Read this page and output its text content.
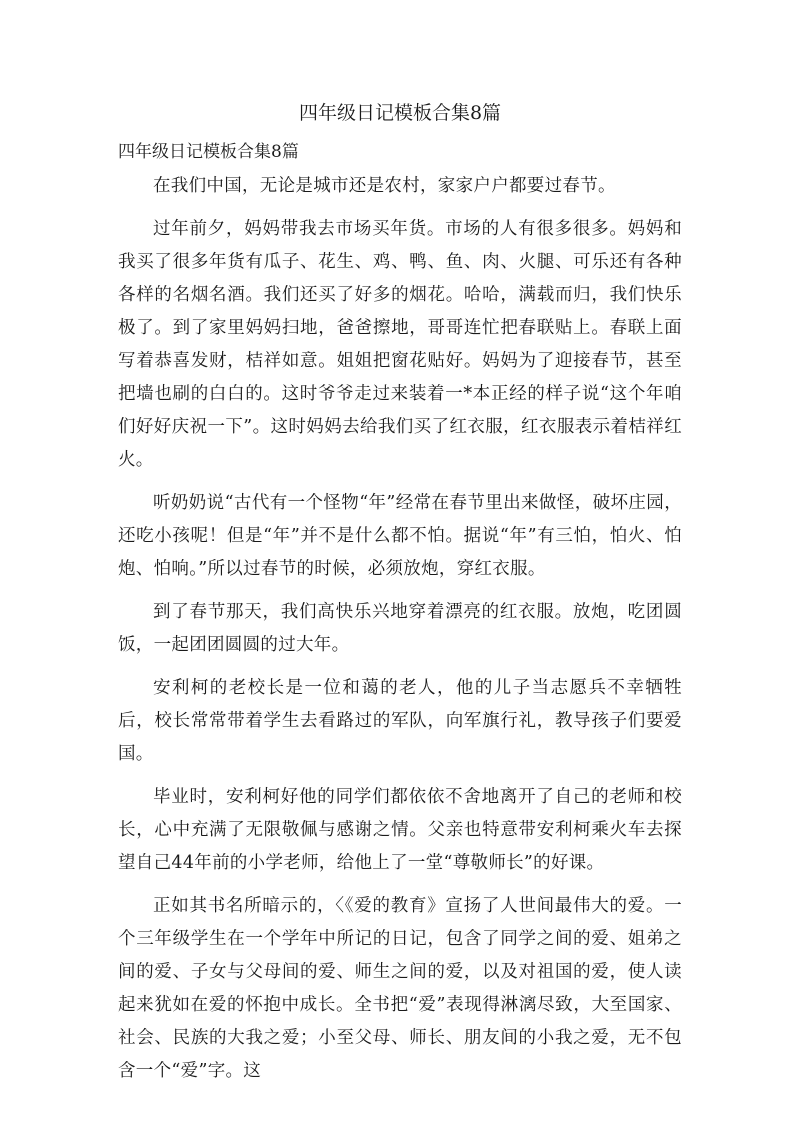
四年级日记模板合集8篇
四年级日记模板合集8篇

在我们中国，无论是城市还是农村，家家户户都要过春节。

过年前夕，妈妈带我去市场买年货。市场的人有很多很多。妈妈和我买了很多年货有瓜子、花生、鸡、鸭、鱼、肉、火腿、可乐还有各种各样的名烟名酒。我们还买了好多的烟花。哈哈，满载而归，我们快乐极了。到了家里妈妈扫地，爸爸擦地，哥哥连忙把春联贴上。春联上面写着恭喜发财，桔祥如意。姐姐把窗花贴好。妈妈为了迎接春节，甚至把墙也刷的白白的。这时爷爷走过来装着一*本正经的样子说“这个年咱们好好庆祝一下”。这时妈妈去给我们买了红衣服，红衣服表示着桔祥红火。

听奶奶说“古代有一个怪物“年”经常在春节里出来做怪，破坏庄园，还吃小孩呢！但是“年”并不是什么都不怕。据说“年”有三怕，怕火、怕炮、怕响。”所以过春节的时候，必须放炮，穿红衣服。

到了春节那天，我们高快乐兴地穿着漂亮的红衣服。放炮，吃团圆饭，一起团团圆圆的过大年。

安利柯的老校长是一位和蔼的老人，他的儿子当志愿兵不幸牺牲后，校长常常带着学生去看路过的军队，向军旗行礼，教导孩子们要爱国。

毕业时，安利柯好他的同学们都依依不舍地离开了自己的老师和校长，心中充满了无限敬佩与感谢之情。父亲也特意带安利柯乘火车去探望自己44年前的小学老师，给他上了一堂“尊敬师长”的好课。

正如其书名所暗示的，〈《爱的教育》宣扬了人世间最伟大的爱。一个三年级学生在一个学年中所记的日记，包含了同学之间的爱、姐弟之间的爱、子女与父母间的爱、师生之间的爱，以及对祖国的爱，使人读起来犹如在爱的怀抱中成长。全书把“爱”表现得淋漓尽致，大至国家、社会、民族的大我之爱；小至父母、师长、朋友间的小我之爱，无不包含一个“爱”字。这
